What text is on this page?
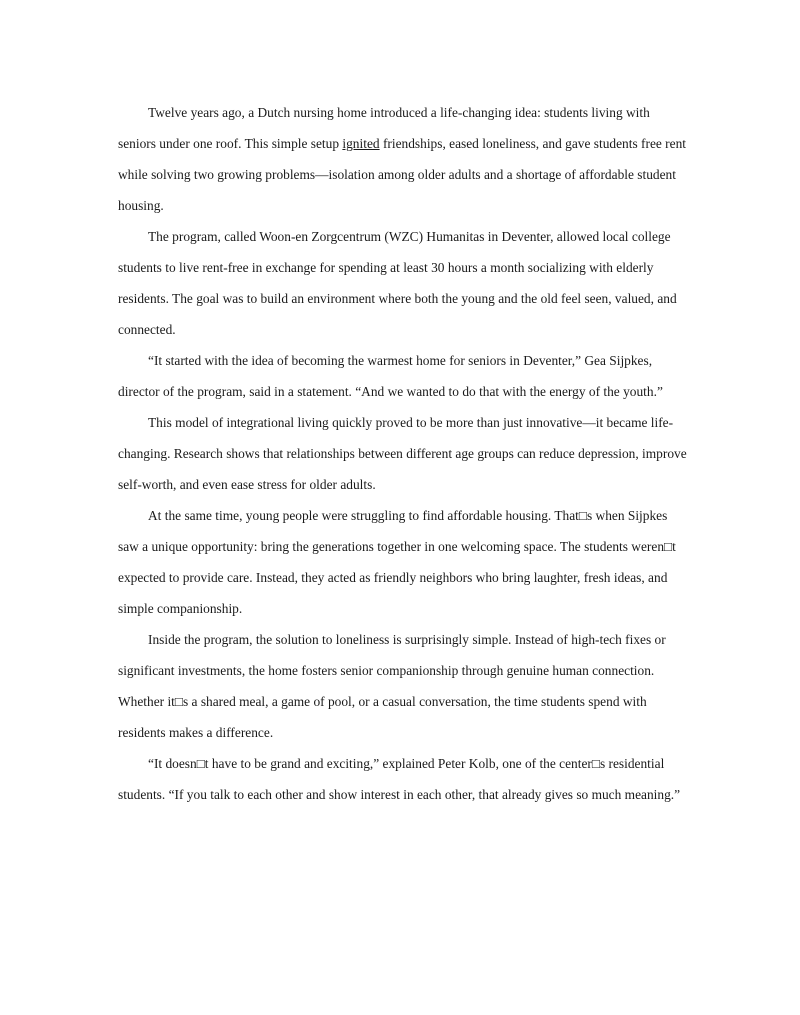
Twelve years ago, a Dutch nursing home introduced a life-changing idea: students living with seniors under one roof. This simple setup ignited friendships, eased loneliness, and gave students free rent while solving two growing problems—isolation among older adults and a shortage of affordable student housing.

The program, called Woon-en Zorgcentrum (WZC) Humanitas in Deventer, allowed local college students to live rent-free in exchange for spending at least 30 hours a month socializing with elderly residents. The goal was to build an environment where both the young and the old feel seen, valued, and connected.

“It started with the idea of becoming the warmest home for seniors in Deventer,” Gea Sijpkes, director of the program, said in a statement. “And we wanted to do that with the energy of the youth.”

This model of integrational living quickly proved to be more than just innovative—it became life-changing. Research shows that relationships between different age groups can reduce depression, improve self-worth, and even ease stress for older adults.

At the same time, young people were struggling to find affordable housing. That□s when Sijpkes saw a unique opportunity: bring the generations together in one welcoming space. The students weren□t expected to provide care. Instead, they acted as friendly neighbors who bring laughter, fresh ideas, and simple companionship.

Inside the program, the solution to loneliness is surprisingly simple. Instead of high-tech fixes or significant investments, the home fosters senior companionship through genuine human connection. Whether it□s a shared meal, a game of pool, or a casual conversation, the time students spend with residents makes a difference.

“It doesn□t have to be grand and exciting,” explained Peter Kolb, one of the center□s residential students. “If you talk to each other and show interest in each other, that already gives so much meaning.”
